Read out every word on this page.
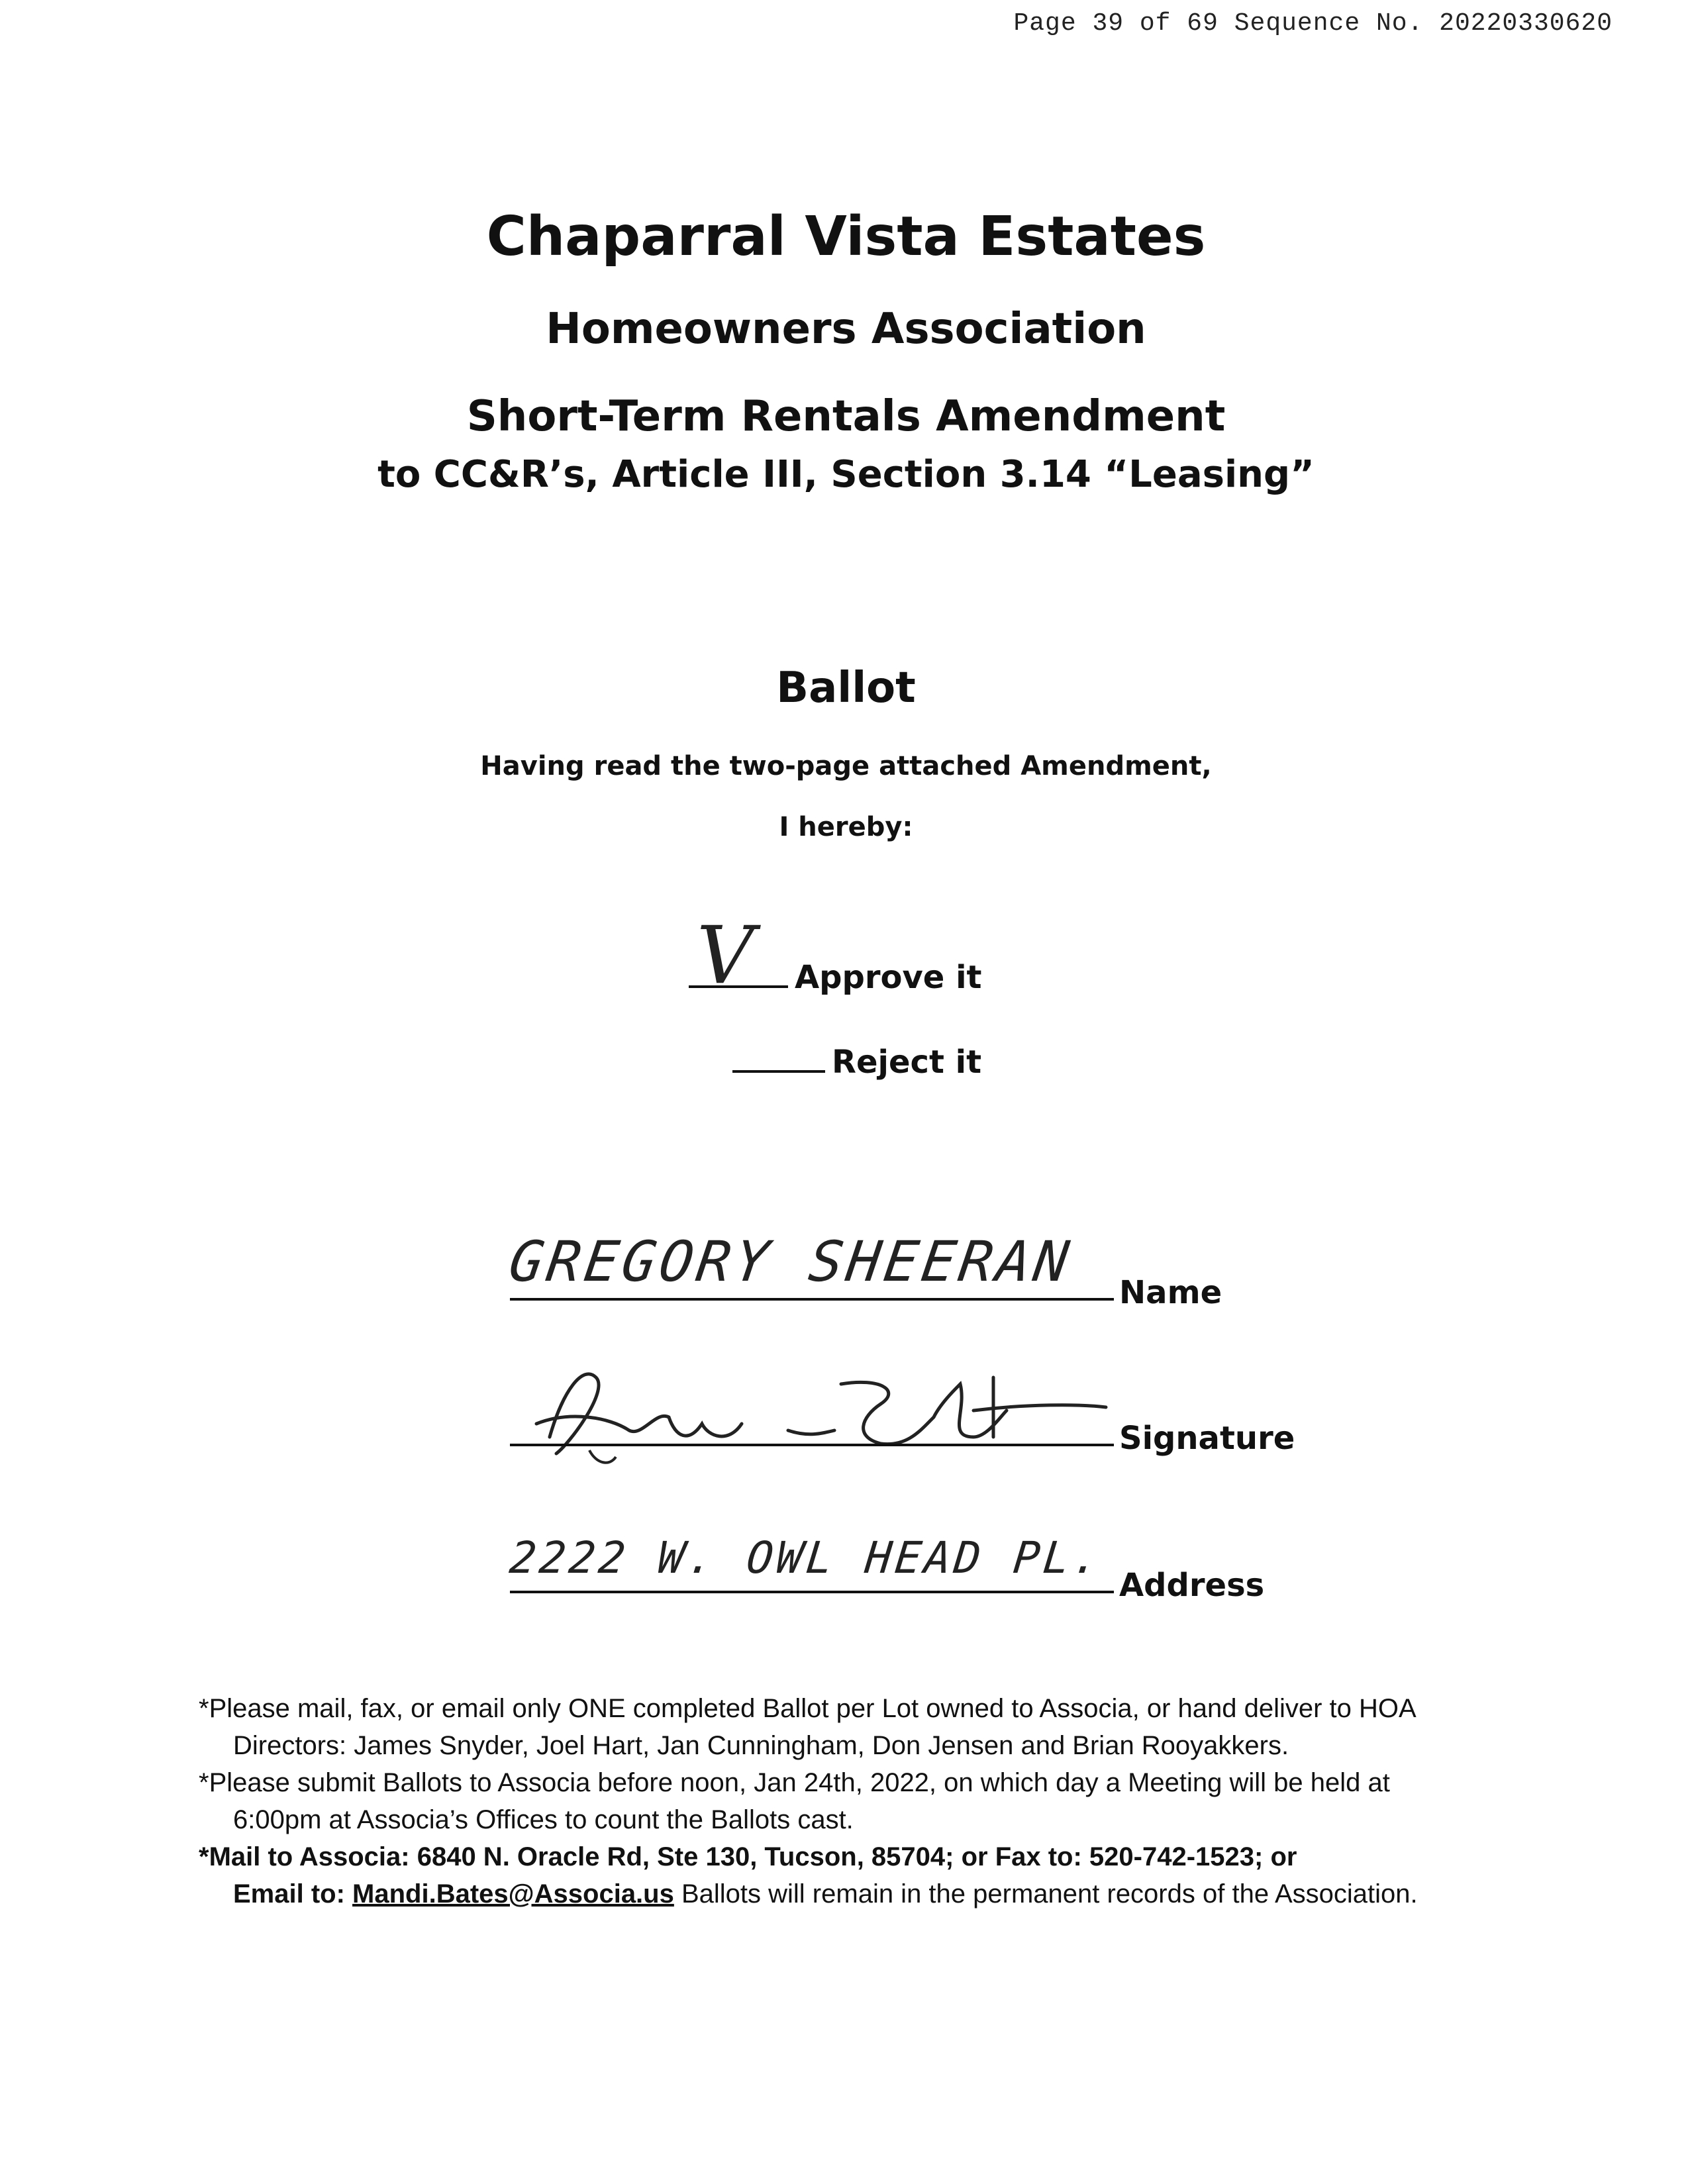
Page 39 of 69 Sequence No. 20220330620
Chaparral Vista Estates
Homeowners Association
Short-Term Rentals Amendment
to CC&R’s, Article III, Section 3.14 “Leasing”
Ballot
Having read the two-page attached Amendment,
I hereby:
V Approve it
Reject it
GREGORY SHEERAN	Name
Signature
2222 W. OWL HEAD PL.
Address

*Please mail, fax, or email only ONE completed Ballot per Lot owned to Associa, or hand deliver to HOA

Directors: James Snyder, Joel Hart, Jan Cunningham, Don Jensen and Brian Rooyakkers.

*Please submit Ballots to Associa before noon, Jan 24th, 2022, on which day a Meeting will be held at

6:00pm at Associa’s Offices to count the Ballots cast.

*Mail to Associa: 6840 N. Oracle Rd, Ste 130, Tucson, 85704; or Fax to: 520-742-1523; or

Email to: Mandi.Bates@Associa.us Ballots will remain in the permanent records of the Association.
